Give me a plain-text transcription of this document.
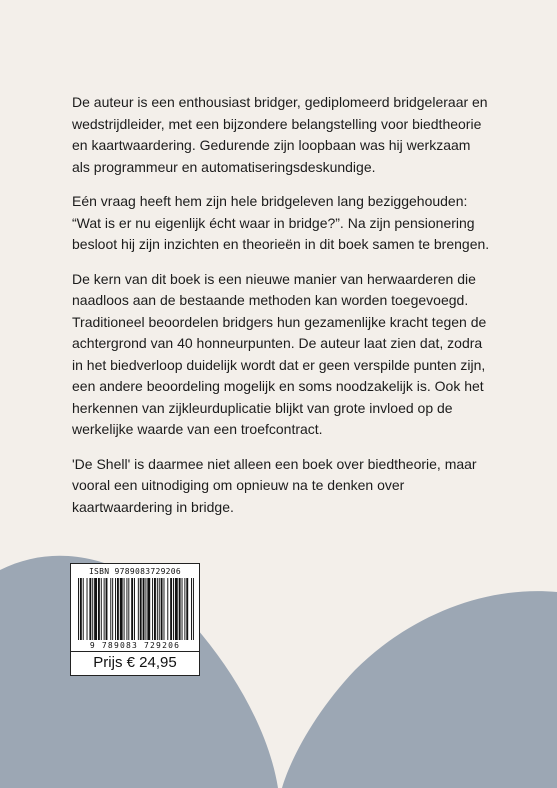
De auteur is een enthousiast bridger, gediplomeerd bridgeleraar en wedstrijdleider, met een bijzondere belangstelling voor biedtheorie en kaartwaardering. Gedurende zijn loopbaan was hij werkzaam als programmeur en automatiseringsdeskundige.

Eén vraag heeft hem zijn hele bridgeleven lang beziggehouden: “Wat is er nu eigenlijk écht waar in bridge?”. Na zijn pensionering besloot hij zijn inzichten en theorieën in dit boek samen te brengen.

De kern van dit boek is een nieuwe manier van herwaarderen die naadloos aan de bestaande methoden kan worden toegevoegd. Traditioneel beoordelen bridgers hun gezamenlijke kracht tegen de achtergrond van 40 honneurpunten. De auteur laat zien dat, zodra in het biedverloop duidelijk wordt dat er geen verspilde punten zijn, een andere beoordeling mogelijk en soms noodzakelijk is. Ook het herkennen van zijkleurduplicatie blijkt van grote invloed op de werkelijke waarde van een troefcontract.

'De Shell' is daarmee niet alleen een boek over biedtheorie, maar vooral een uitnodiging om opnieuw na te denken over kaartwaardering in bridge.

ISBN 9789083729206
9 789083 729206
Prijs € 24,95
